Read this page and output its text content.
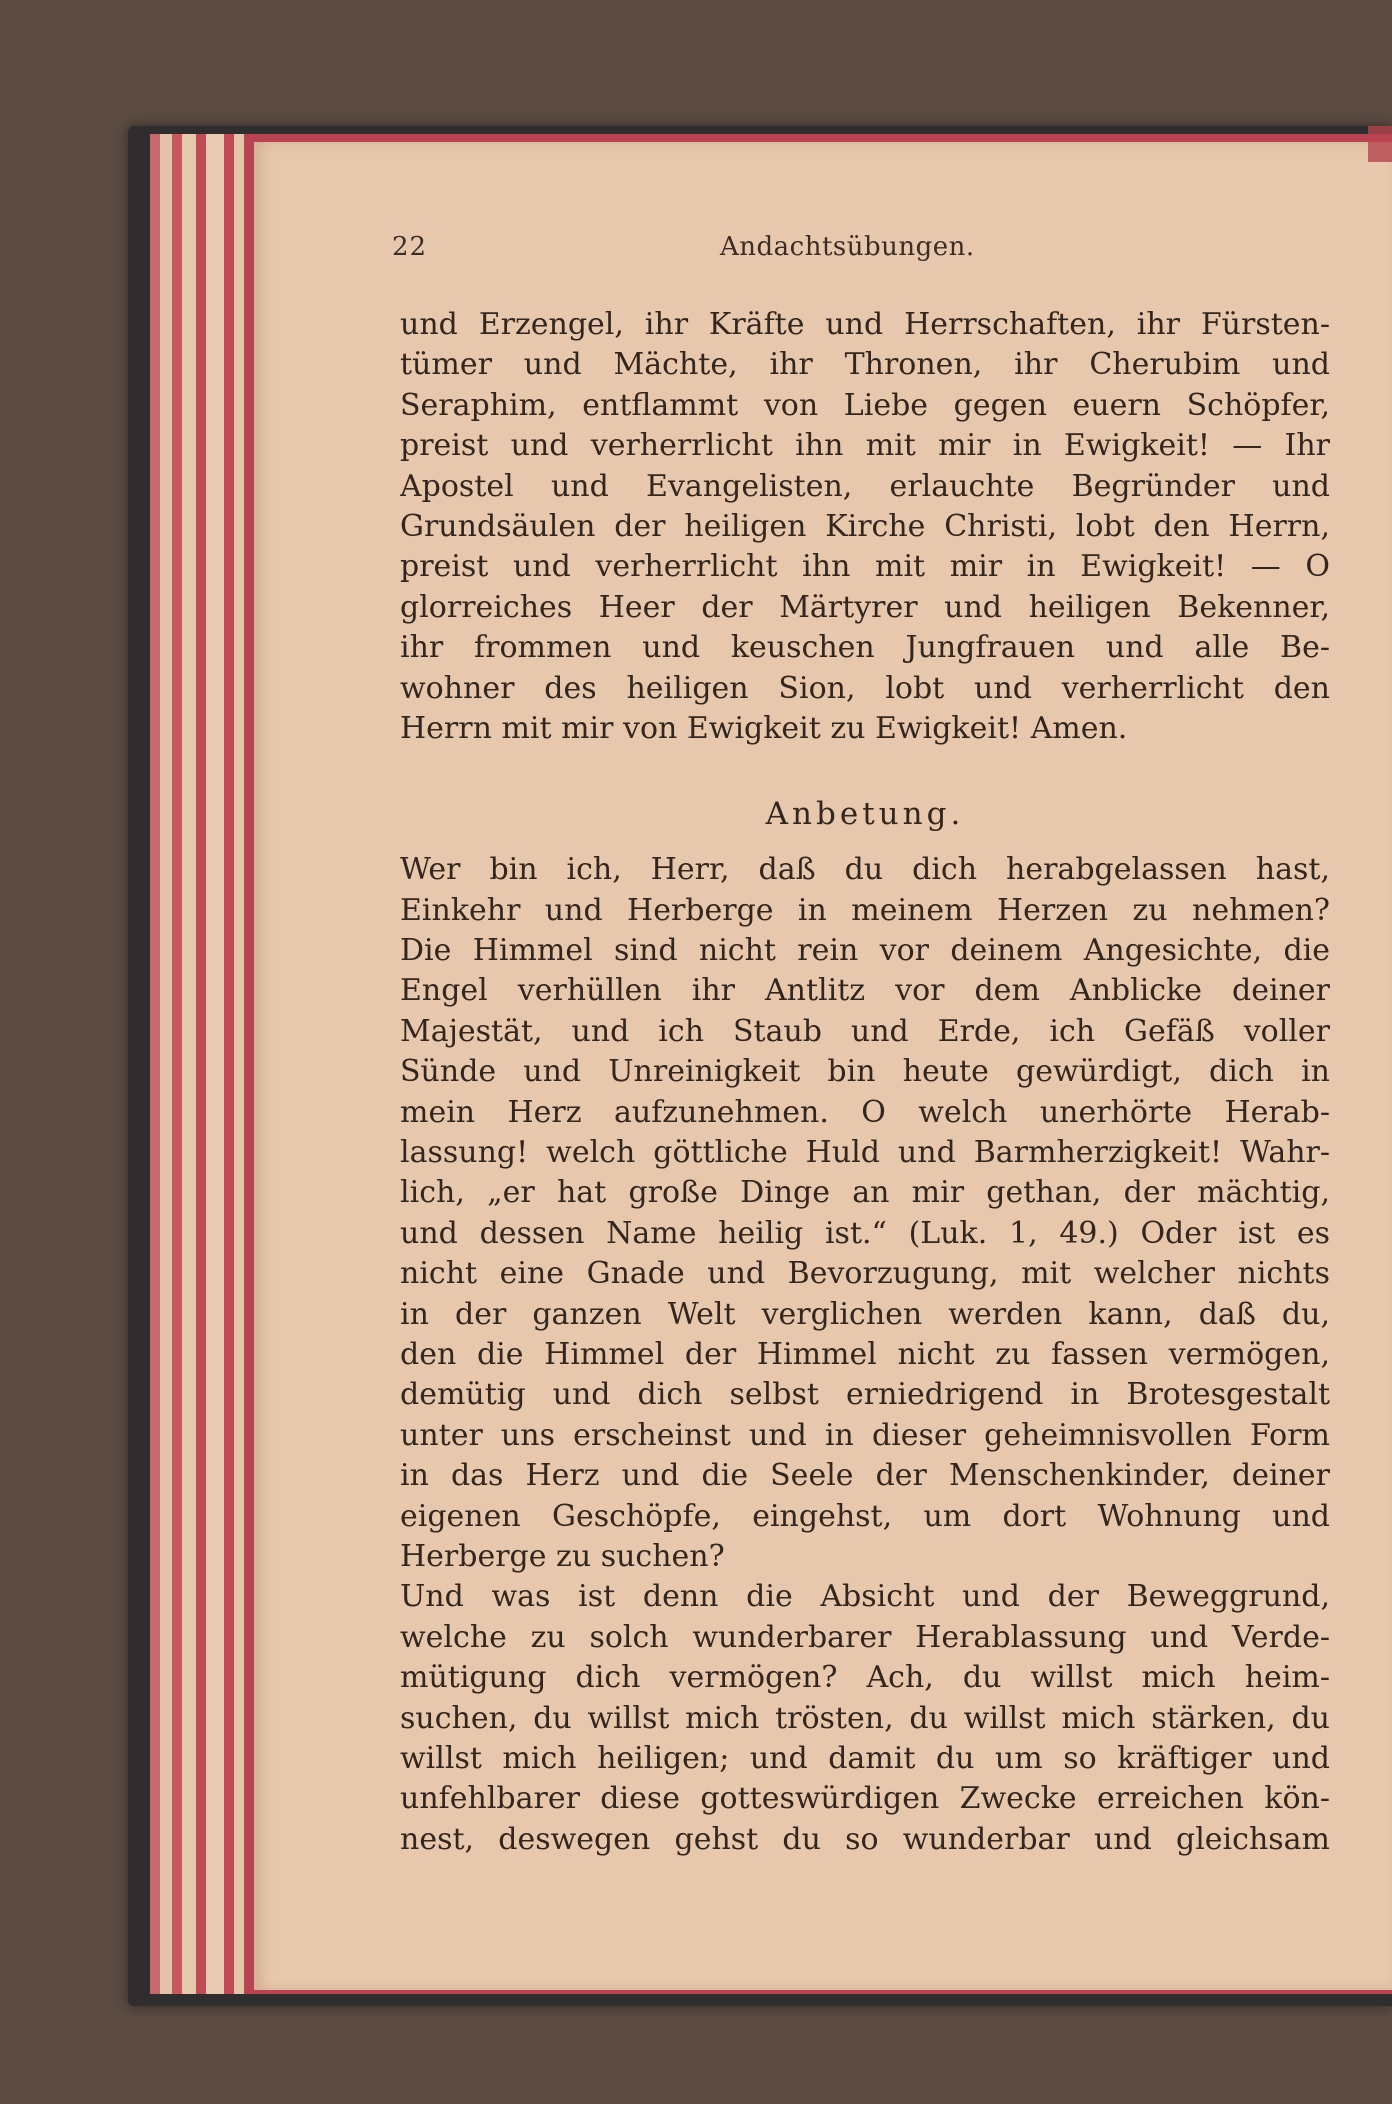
22	Andachtsübungen.
und Erzengel, ihr Kräfte und Herrschaften, ihr Fürsten-
tümer und Mächte, ihr Thronen, ihr Cherubim und
Seraphim, entflammt von Liebe gegen euern Schöpfer,
preist und verherrlicht ihn mit mir in Ewigkeit! — Ihr
Apostel und Evangelisten, erlauchte Begründer und
Grundsäulen der heiligen Kirche Christi, lobt den Herrn,
preist und verherrlicht ihn mit mir in Ewigkeit! — O
glorreiches Heer der Märtyrer und heiligen Bekenner,
ihr frommen und keuschen Jungfrauen und alle Be-
wohner des heiligen Sion, lobt und verherrlicht den
Herrn mit mir von Ewigkeit zu Ewigkeit! Amen.
Anbetung.
Wer bin ich, Herr, daß du dich herabgelassen hast,
Einkehr und Herberge in meinem Herzen zu nehmen?
Die Himmel sind nicht rein vor deinem Angesichte, die
Engel verhüllen ihr Antlitz vor dem Anblicke deiner
Majestät, und ich Staub und Erde, ich Gefäß voller
Sünde und Unreinigkeit bin heute gewürdigt, dich in
mein Herz aufzunehmen. O welch unerhörte Herab-
lassung! welch göttliche Huld und Barmherzigkeit! Wahr-
lich, „er hat große Dinge an mir gethan, der mächtig,
und dessen Name heilig ist.“ (Luk. 1, 49.) Oder ist es
nicht eine Gnade und Bevorzugung, mit welcher nichts
in der ganzen Welt verglichen werden kann, daß du,
den die Himmel der Himmel nicht zu fassen vermögen,
demütig und dich selbst erniedrigend in Brotesgestalt
unter uns erscheinst und in dieser geheimnisvollen Form
in das Herz und die Seele der Menschenkinder, deiner
eigenen Geschöpfe, eingehst, um dort Wohnung und
Herberge zu suchen?
Und was ist denn die Absicht und der Beweggrund,
welche zu solch wunderbarer Herablassung und Verde-
mütigung dich vermögen? Ach, du willst mich heim-
suchen, du willst mich trösten, du willst mich stärken, du
willst mich heiligen; und damit du um so kräftiger und
unfehlbarer diese gotteswürdigen Zwecke erreichen kön-
nest, deswegen gehst du so wunderbar und gleichsam
